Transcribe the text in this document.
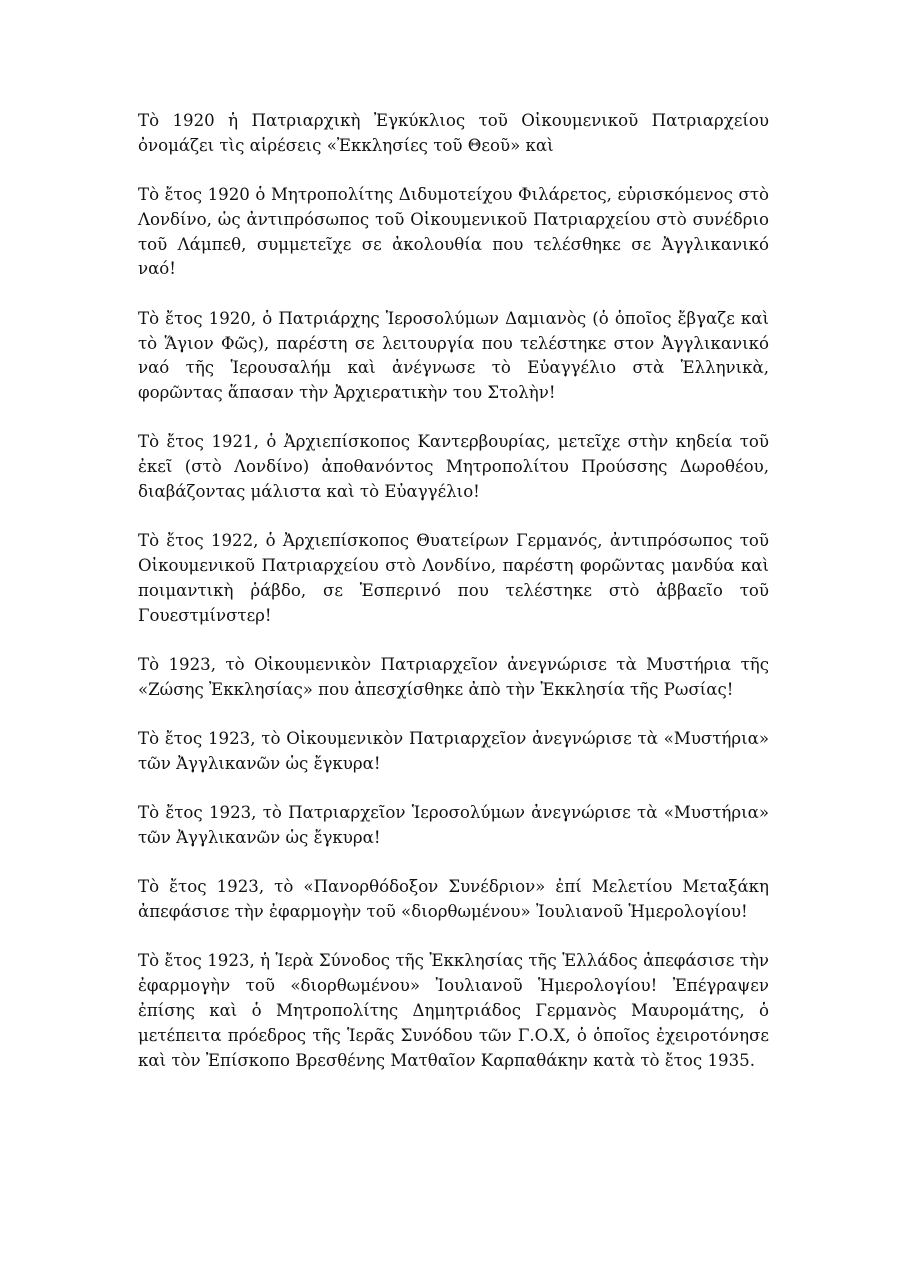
Τὸ 1920 ἡ Πατριαρχικὴ Ἐγκύκλιος τοῦ Οἰκουμενικοῦ Πατριαρχείου ὀνομάζει τὶς αἱρέσεις «Ἐκκλησίες τοῦ Θεοῦ» καὶ

Τὸ ἔτος 1920 ὁ Μητροπολίτης Διδυμοτείχου Φιλάρετος, εὑρισκόμενος στὸ Λονδίνο, ὡς ἀντιπρόσωπος τοῦ Οἰκουμενικοῦ Πατριαρχείου στὸ συνέδριο τοῦ Λάμπεθ, συμμετεῖχε σε ἀκολουθία που τελέσθηκε σε Ἀγγλικανικό ναό!

Τὸ ἔτος 1920, ὁ Πατριάρχης Ἱεροσολύμων Δαμιανὸς (ὁ ὁποῖος ἔβγαζε καὶ τὸ Ἅγιον Φῶς), παρέστη σε λειτουργία που τελέστηκε στον Ἀγγλικανικό ναό τῆς Ἱερουσαλήμ καὶ ἀνέγνωσε τὸ Εὐαγγέλιο στὰ Ἑλληνικὰ, φορῶντας ἅπασαν τὴν Ἀρχιερατικὴν του Στολὴν!

Τὸ ἔτος 1921, ὁ Ἀρχιεπίσκοπος Καντερβουρίας, μετεῖχε στὴν κηδεία τοῦ ἐκεῖ (στὸ Λονδίνο) ἀποθανόντος Μητροπολίτου Προύσσης Δωροθέου, διαβάζοντας μάλιστα καὶ τὸ Εὐαγγέλιο!

Τὸ ἔτος 1922, ὁ Ἀρχιεπίσκοπος Θυατείρων Γερμανός, ἀντιπρόσωπος τοῦ Οἰκουμενικοῦ Πατριαρχείου στὸ Λονδίνο, παρέστη φορῶντας μανδύα καὶ ποιμαντικὴ ῥάβδο, σε Ἑσπερινό που τελέστηκε στὸ ἀββαεῖο τοῦ Γουεστμίνστερ!

Τὸ 1923, τὸ Οἰκουμενικὸν Πατριαρχεῖον ἀνεγνώρισε τὰ Μυστήρια τῆς «Ζώσης Ἐκκλησίας» που ἀπεσχίσθηκε ἀπὸ τὴν Ἐκκλησία τῆς Ρωσίας!

Τὸ ἔτος 1923, τὸ Οἰκουμενικὸν Πατριαρχεῖον ἀνεγνώρισε τὰ «Μυστήρια» τῶν Ἀγγλικανῶν ὡς ἔγκυρα!

Τὸ ἔτος 1923, τὸ Πατριαρχεῖον Ἱεροσολύμων ἀνεγνώρισε τὰ «Μυστήρια» τῶν Ἀγγλικανῶν ὡς ἔγκυρα!

Τὸ ἔτος 1923, τὸ «Πανορθόδοξον Συνέδριον» ἐπί Μελετίου Μεταξάκη ἀπεφάσισε τὴν ἐφαρμογὴν τοῦ «διορθωμένου» Ἰουλιανοῦ Ἡμερολογίου!

Τὸ ἔτος 1923, ἡ Ἱερὰ Σύνοδος τῆς Ἐκκλησίας τῆς Ἑλλάδος ἀπεφάσισε τὴν ἐφαρμογὴν τοῦ «διορθωμένου» Ἰουλιανοῦ Ἡμερολογίου! Ἐπέγραψεν ἐπίσης καὶ ὁ Μητροπολίτης Δημητριάδος Γερμανὸς Μαυρομάτης, ὁ μετέπειτα πρόεδρος τῆς Ἱερᾶς Συνόδου τῶν Γ.Ο.Χ, ὁ ὁποῖος ἐχειροτόνησε καὶ τὸν Ἐπίσκοπο Βρεσθένης Ματθαῖον Καρπαθάκην κατὰ τὸ ἔτος 1935.
